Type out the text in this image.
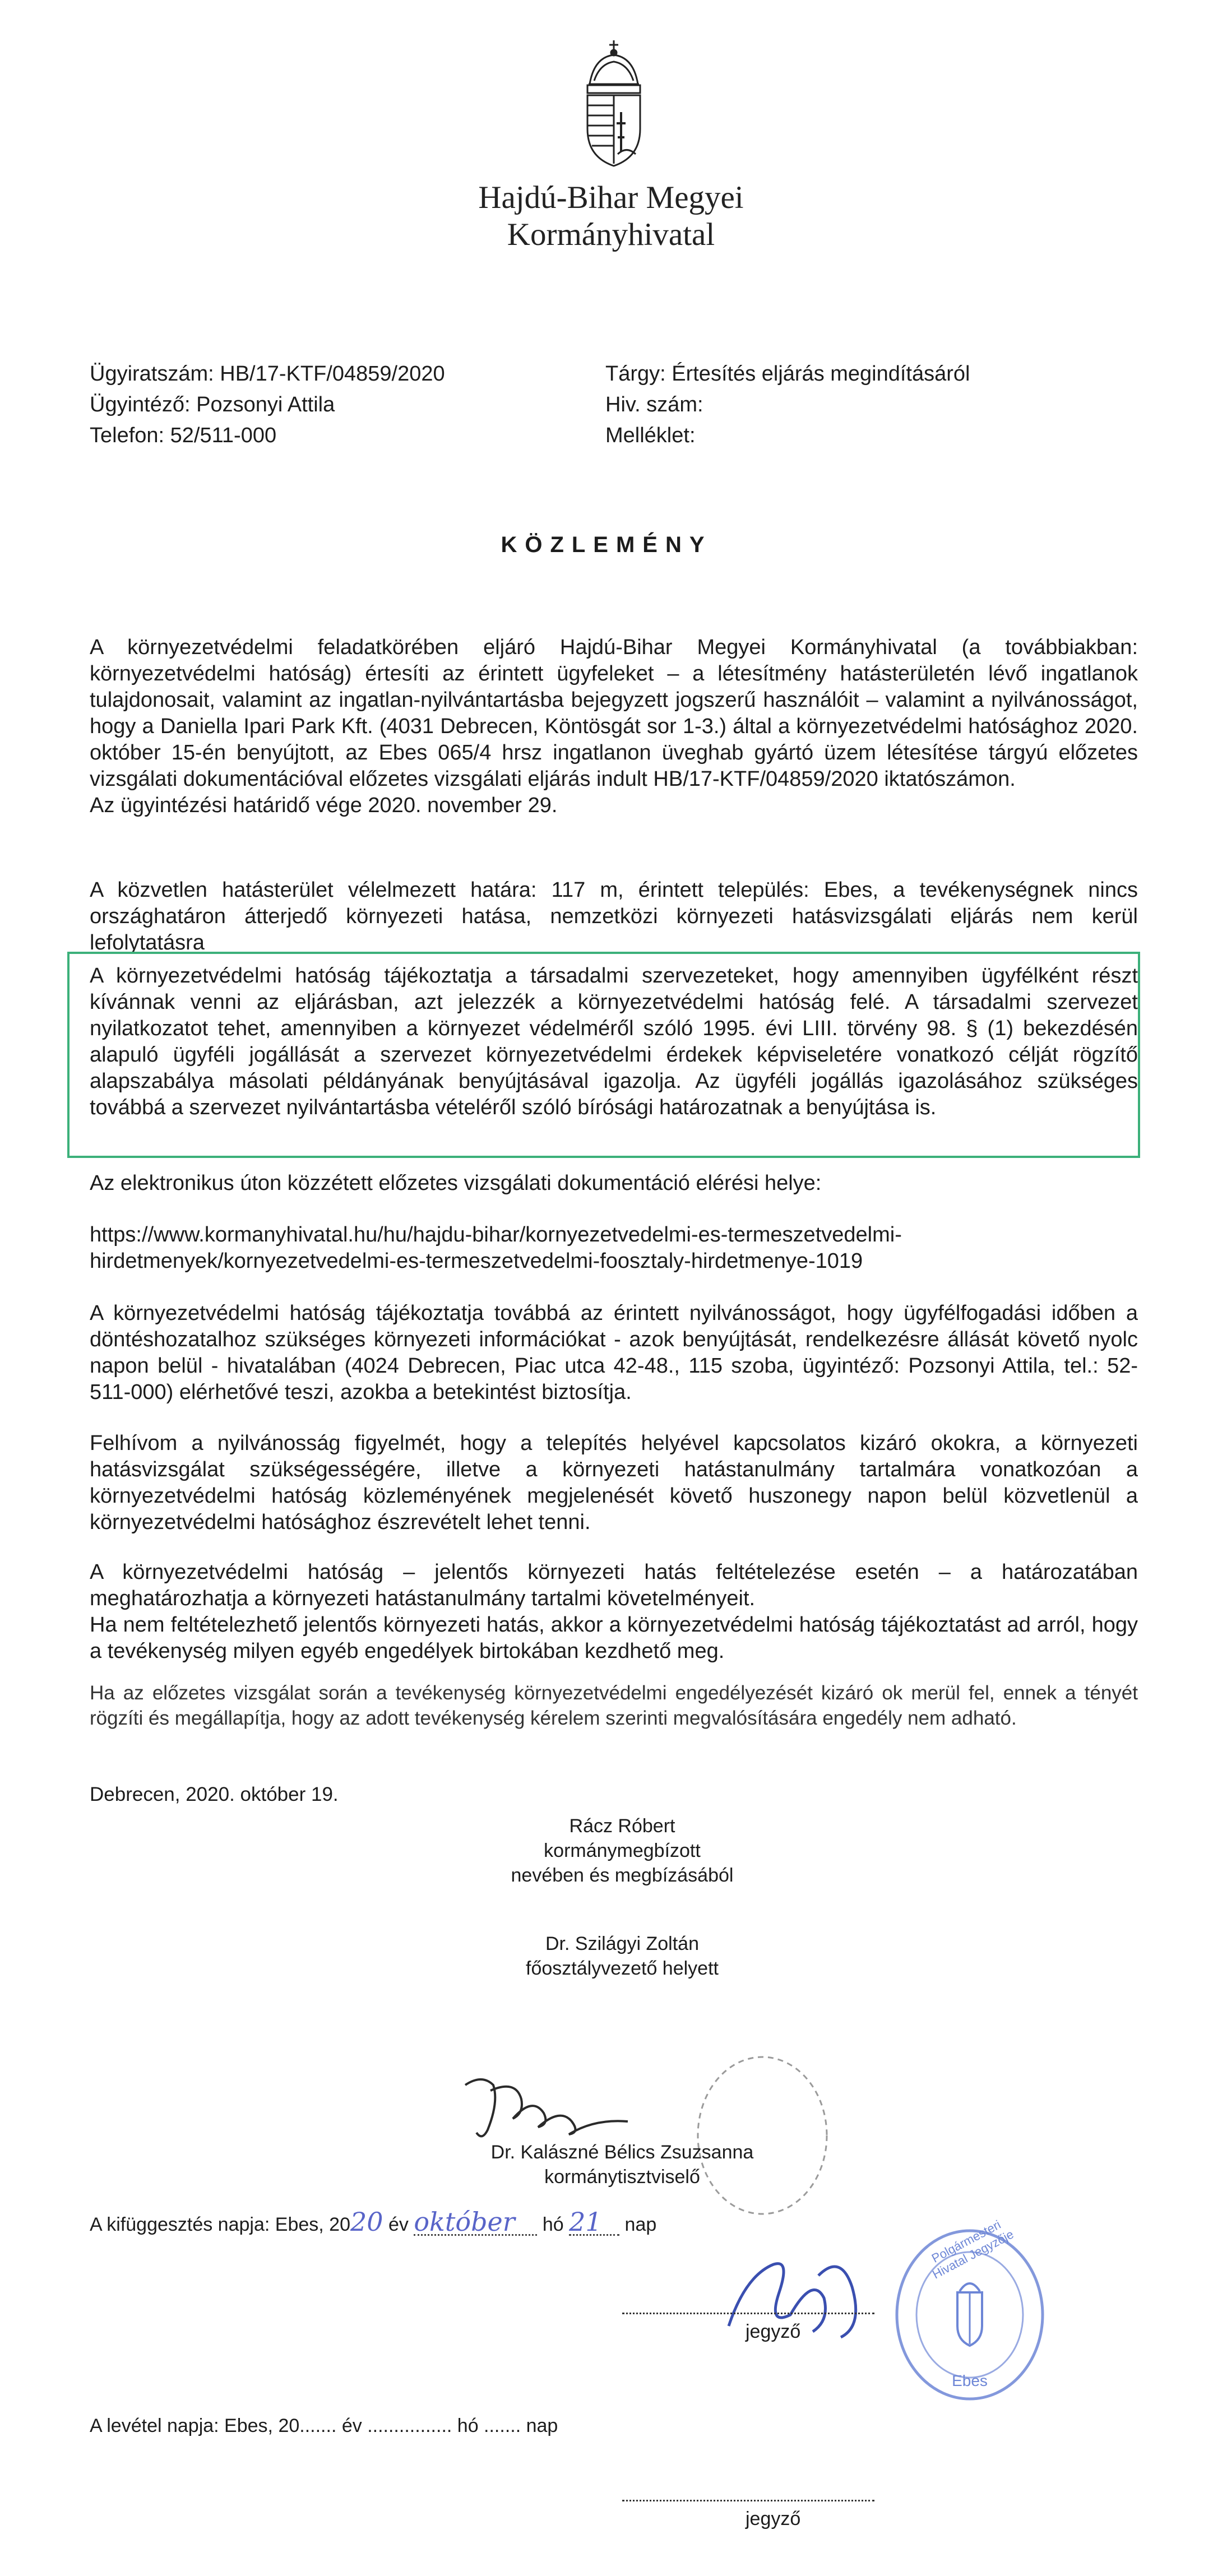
Hajdú-Bihar Megyei
Kormányhivatal
Ügyiratszám: HB/17-KTF/04859/2020
Ügyintéző: Pozsonyi Attila
Telefon: 52/511-000
Tárgy: Értesítés eljárás megindításáról
Hiv. szám:
Melléklet:
KÖZLEMÉNY

A környezetvédelmi feladatkörében eljáró Hajdú-Bihar Megyei Kormányhivatal (a továbbiakban: környezetvédelmi hatóság) értesíti az érintett ügyfeleket – a létesítmény hatásterületén lévő ingatlanok tulajdonosait, valamint az ingatlan-nyilvántartásba bejegyzett jogszerű használóit – valamint a nyilvánosságot, hogy a Daniella Ipari Park Kft. (4031 Debrecen, Köntösgát sor 1-3.) által a környezetvédelmi hatósághoz 2020. október 15-én benyújtott, az Ebes 065/4 hrsz ingatlanon üveghab gyártó üzem létesítése tárgyú előzetes vizsgálati dokumentációval előzetes vizsgálati eljárás indult HB/17-KTF/04859/2020 iktatószámon.

Az ügyintézési határidő vége 2020. november 29.

A közvetlen hatásterület vélelmezett határa: 117 m, érintett település: Ebes, a tevékenységnek nincs országhatáron átterjedő környezeti hatása, nemzetközi környezeti hatásvizsgálati eljárás nem kerül lefolytatásra
A környezetvédelmi hatóság tájékoztatja a társadalmi szervezeteket, hogy amennyiben ügyfélként részt kívánnak venni az eljárásban, azt jelezzék a környezetvédelmi hatóság felé. A társadalmi szervezet nyilatkozatot tehet, amennyiben a környezet védelméről szóló 1995. évi LIII. törvény 98. § (1) bekezdésén alapuló ügyféli jogállását a szervezet környezetvédelmi érdekek képviseletére vonatkozó célját rögzítő alapszabálya másolati példányának benyújtásával igazolja. Az ügyféli jogállás igazolásához szükséges továbbá a szervezet nyilvántartásba vételéről szóló bírósági határozatnak a benyújtása is.
Az elektronikus úton közzétett előzetes vizsgálati dokumentáció elérési helye:
https://www.kormanyhivatal.hu/hu/hajdu-bihar/kornyezetvedelmi-es-termeszetvedelmi-
hirdetmenyek/kornyezetvedelmi-es-termeszetvedelmi-foosztaly-hirdetmenye-1019
A környezetvédelmi hatóság tájékoztatja továbbá az érintett nyilvánosságot, hogy ügyfélfogadási időben a döntéshozatalhoz szükséges környezeti információkat - azok benyújtását, rendelkezésre állását követő nyolc napon belül - hivatalában (4024 Debrecen, Piac utca 42-48., 115 szoba, ügyintéző: Pozsonyi Attila, tel.: 52-511-000) elérhetővé teszi, azokba a betekintést biztosítja.
Felhívom a nyilvánosság figyelmét, hogy a telepítés helyével kapcsolatos kizáró okokra, a környezeti hatásvizsgálat szükségességére, illetve a környezeti hatástanulmány tartalmára vonatkozóan a környezetvédelmi hatóság közleményének megjelenését követő huszonegy napon belül közvetlenül a környezetvédelmi hatósághoz észrevételt lehet tenni.

A környezetvédelmi hatóság – jelentős környezeti hatás feltételezése esetén – a határozatában meghatározhatja a környezeti hatástanulmány tartalmi követelményeit.

Ha nem feltételezhető jelentős környezeti hatás, akkor a környezetvédelmi hatóság tájékoztatást ad arról, hogy a tevékenység milyen egyéb engedélyek birtokában kezdhető meg.

Ha az előzetes vizsgálat során a tevékenység környezetvédelmi engedélyezését kizáró ok merül fel, ennek a tényét rögzíti és megállapítja, hogy az adott tevékenység kérelem szerinti megvalósítására engedély nem adható.
Debrecen, 2020. október 19.
Rácz Róbert
kormánymegbízott
nevében és megbízásából
Dr. Szilágyi Zoltán
főosztályvezető helyett
Dr. Kalászné Bélics Zsuzsanna
kormánytisztviselő
A kifüggesztés napja: Ebes, 2020 év október hó 21 nap
jegyző
Polgármesteri Hivatal Jegyzője
Ebes
A levétel napja: Ebes, 20....... év ................ hó ....... nap
jegyző
